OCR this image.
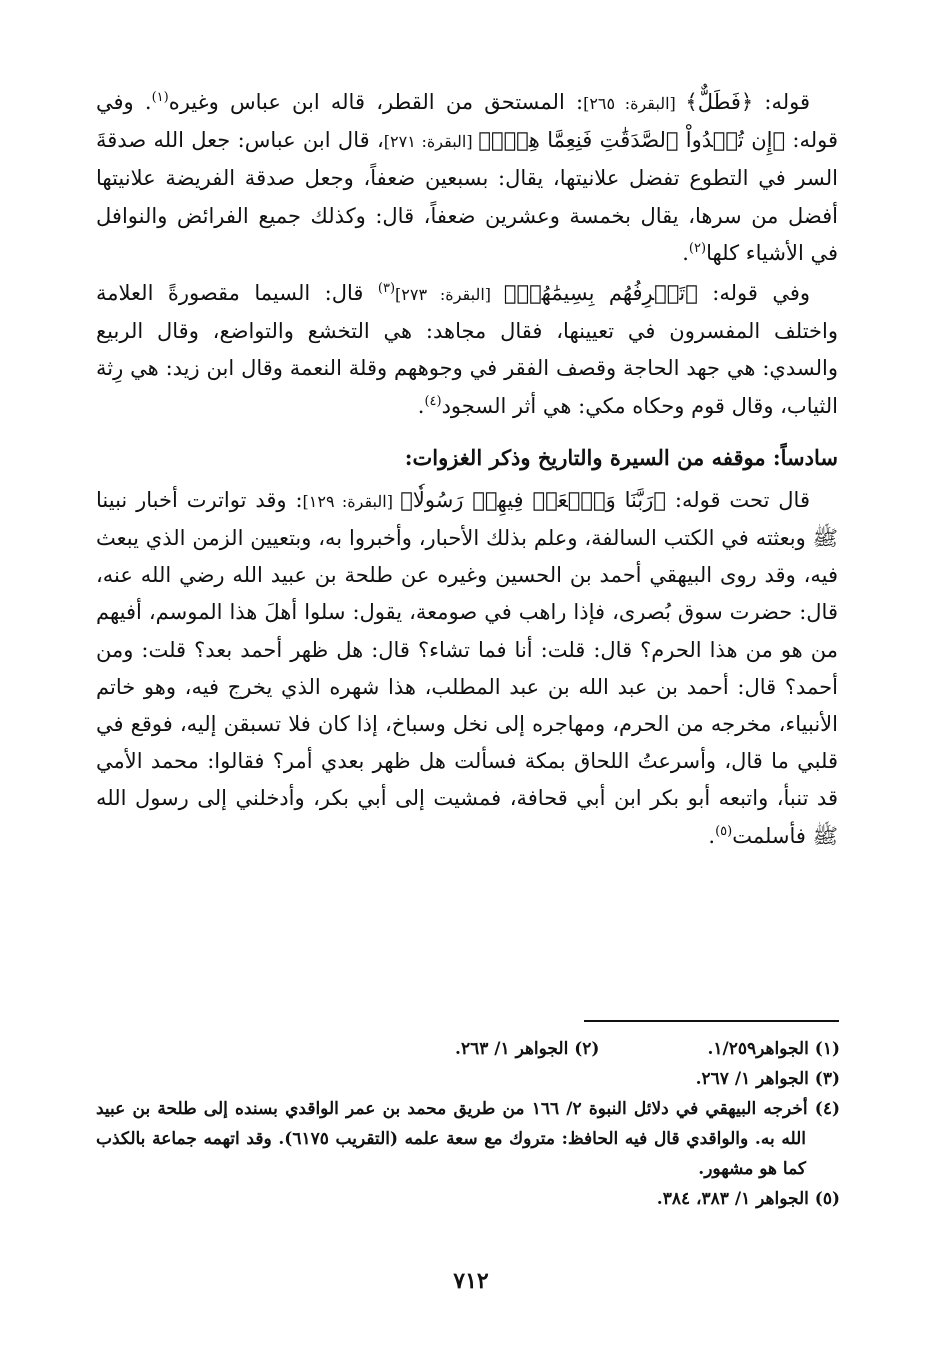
قوله: ﴿فَطَلٌّ﴾ [البقرة: ٢٦٥]: المستحق من القطر، قاله ابن عباس وغيره$^{(١)}$. وفي قوله: ﴿إِن تُبۡدُواْ ٱلصَّدَقَٰتِ فَنِعِمَّا هِيَۖ﴾ [البقرة: ٢٧١]، قال ابن عباس: جعل الله صدقةَ السر في التطوع تفضل علانيتها، يقال: بسبعين ضعفاً، وجعل صدقة الفريضة علانيتها أفضل من سرها، يقال بخمسة وعشرين ضعفاً، قال: وكذلك جميع الفرائض والنوافل في الأشياء كلها$^{(٢)}$.

وفي قوله: ﴿تَعۡرِفُهُم بِسِيمَٰهُمۡ﴾ [البقرة: ٢٧٣]$^{(٣)}$ قال: السيما مقصورةً العلامة واختلف المفسرون في تعيينها، فقال مجاهد: هي التخشع والتواضع، وقال الربيع والسدي: هي جهد الحاجة وقصف الفقر في وجوههم وقلة النعمة وقال ابن زيد: هي رِثة الثياب، وقال قوم وحكاه مكي: هي أثر السجود$^{(٤)}$.

سادساً: موقفه من السيرة والتاريخ وذكر الغزوات:

قال تحت قوله: ﴿رَبَّنَا وَٱبۡعَثۡ فِيهِمۡ رَسُولٗا﴾ [البقرة: ١٢٩]: وقد تواترت أخبار نبينا ﷺ وبعثته في الكتب السالفة، وعلم بذلك الأحبار، وأخبروا به، وبتعيين الزمن الذي يبعث فيه، وقد روى البيهقي أحمد بن الحسين وغيره عن طلحة بن عبيد الله رضي الله عنه، قال: حضرت سوق بُصرى، فإذا راهب في صومعة، يقول: سلوا أهلَ هذا الموسم، أفيهم من هو من هذا الحرم؟ قال: قلت: أنا فما تشاء؟ قال: هل ظهر أحمد بعد؟ قلت: ومن أحمد؟ قال: أحمد بن عبد الله بن عبد المطلب، هذا شهره الذي يخرج فيه، وهو خاتم الأنبياء، مخرجه من الحرم، ومهاجره إلى نخل وسباخ، إذا كان فلا تسبقن إليه، فوقع في قلبي ما قال، وأسرعتُ اللحاق بمكة فسألت هل ظهر بعدي أمر؟ فقالوا: محمد الأمي قد تنبأ، واتبعه أبو بكر ابن أبي قحافة، فمشيت إلى أبي بكر، وأدخلني إلى رسول الله ﷺ فأسلمت$^{(٥)}$.

(١) الجواهر١/٢٥٩.
(٢) الجواهر ١/ ٢٦٣.
(٣) الجواهر ١/ ٢٦٧.
(٤) أخرجه البيهقي في دلائل النبوة ٢/ ١٦٦ من طريق محمد بن عمر الواقدي بسنده إلى طلحة بن عبيد الله به. والواقدي قال فيه الحافظ: متروك مع سعة علمه (التقريب ٦١٧٥). وقد اتهمه جماعة بالكذب كما هو مشهور.
(٥) الجواهر ١/ ٣٨٣، ٣٨٤.
٧١٢
